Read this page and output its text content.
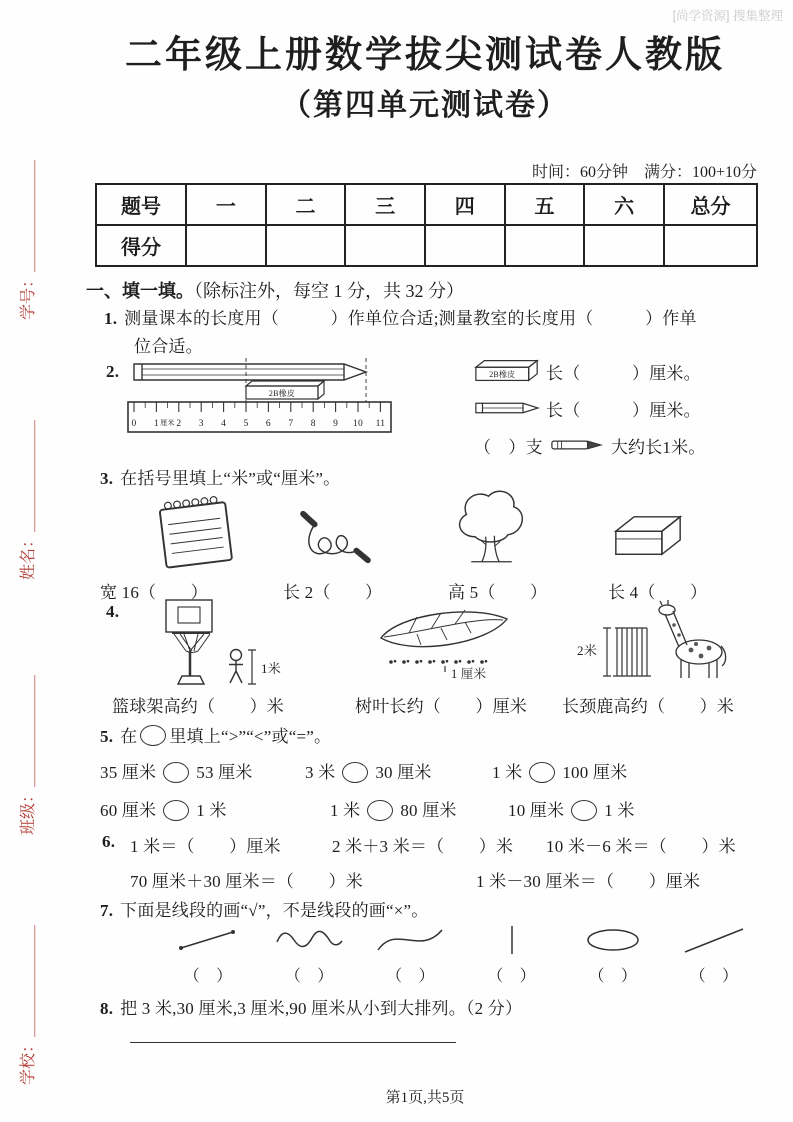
[尚学资源] 搜集整理
学号：＿＿＿＿＿＿＿
姓名：＿＿＿＿＿＿＿
班级：＿＿＿＿＿＿＿
学校：＿＿＿＿＿＿＿
二年级上册数学拔尖测试卷人教版
（第四单元测试卷）
时间：60分钟　满分：100+10分
题号	一	二	三	四	五	六	总分
得分							
一、填一填。（除标注外，每空 1 分，共 32 分）
1. 测量课本的长度用（　　　）作单位合适;测量教室的长度用（　　　）作单
位合适。
2.
2B橡皮
0 1 厘米 2 3 4 5 6 7 8 9 10 11
2B橡皮 长（　　　）厘米。
长（　　　）厘米。
（　）支	大约长1米。
3. 在括号里填上“米”或“厘米”。
宽 16（　　）	长 2（　　）	高 5（　　）	长 4（　　）
4.
1米	1 厘米
2米
篮球架高约（　　）米	树叶长约（　　）厘米 长颈鹿高约（　　）米
5. 在 里填上“>”“<”或“=”。
35 厘米 53 厘米	3 米 30 厘米	1 米 100 厘米
60 厘米 1 米	1 米 80 厘米	10 厘米 1 米
6. 1 米＝（　　）厘米	2 米＋3 米＝（　　）米 10 米－6 米＝（　　）米
70 厘米＋30 厘米＝（　　）米	1 米－30 厘米＝（　　）厘米
7. 下面是线段的画“√”，不是线段的画“×”。
（　）	（　）	（　）	（　）	（　）	（　）
8. 把 3 米,30 厘米,3 厘米,90 厘米从小到大排列。（2 分）
第1页,共5页
